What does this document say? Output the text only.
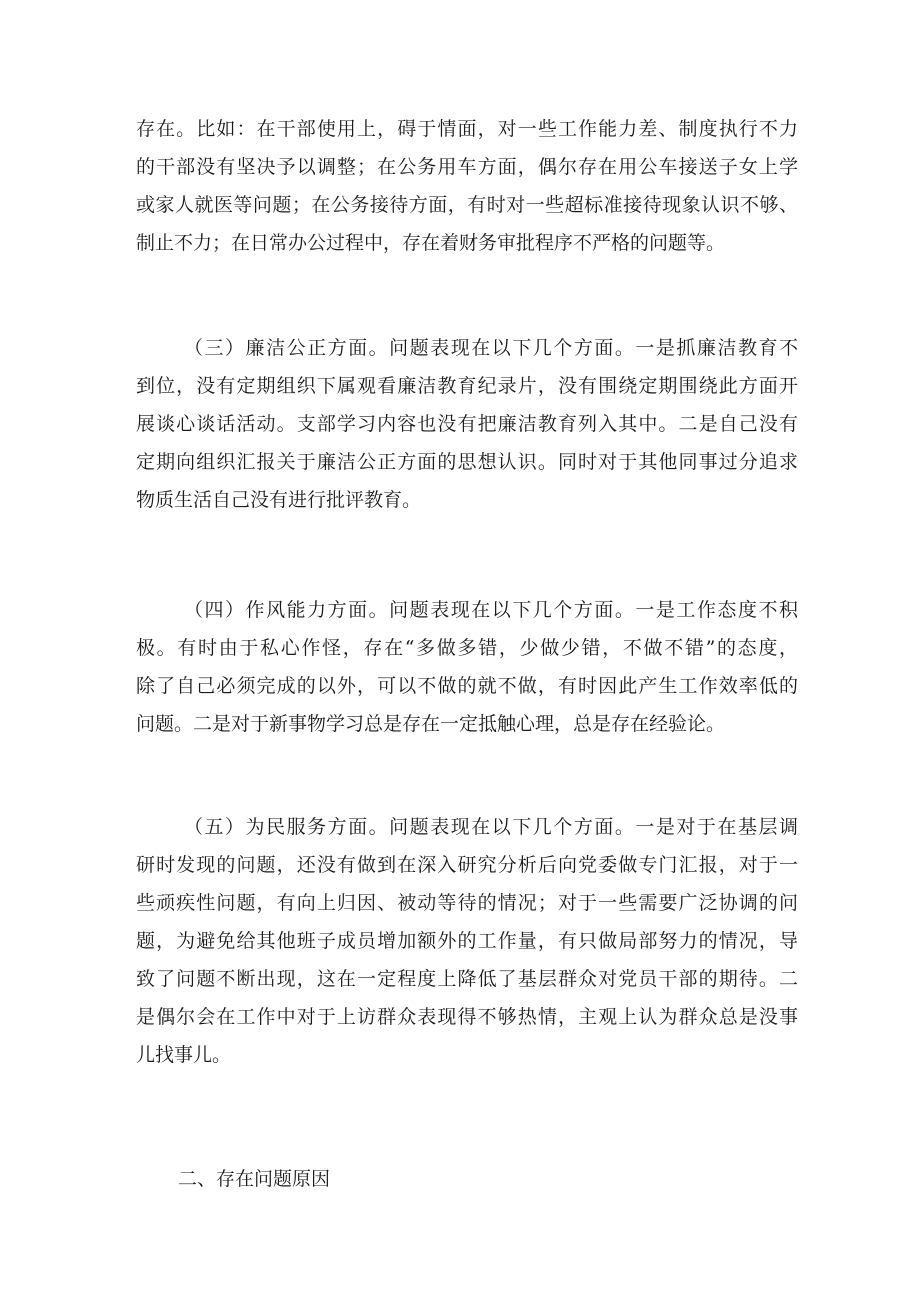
存在。比如：在干部使用上，碍于情面，对一些工作能力差、制度执行不力
的干部没有坚决予以调整；在公务用车方面，偶尔存在用公车接送子女上学
或家人就医等问题；在公务接待方面，有时对一些超标准接待现象认识不够、
制止不力；在日常办公过程中，存在着财务审批程序不严格的问题等。
（三）廉洁公正方面。问题表现在以下几个方面。一是抓廉洁教育不
到位，没有定期组织下属观看廉洁教育纪录片，没有围绕定期围绕此方面开
展谈心谈话活动。支部学习内容也没有把廉洁教育列入其中。二是自己没有
定期向组织汇报关于廉洁公正方面的思想认识。同时对于其他同事过分追求
物质生活自己没有进行批评教育。
（四）作风能力方面。问题表现在以下几个方面。一是工作态度不积
极。有时由于私心作怪，存在“多做多错，少做少错，不做不错”的态度，
除了自己必须完成的以外，可以不做的就不做，有时因此产生工作效率低的
问题。二是对于新事物学习总是存在一定抵触心理，总是存在经验论。
（五）为民服务方面。问题表现在以下几个方面。一是对于在基层调
研时发现的问题，还没有做到在深入研究分析后向党委做专门汇报，对于一
些顽疾性问题，有向上归因、被动等待的情况；对于一些需要广泛协调的问
题，为避免给其他班子成员增加额外的工作量，有只做局部努力的情况，导
致了问题不断出现，这在一定程度上降低了基层群众对党员干部的期待。二
是偶尔会在工作中对于上访群众表现得不够热情，主观上认为群众总是没事
儿找事儿。
二、存在问题原因
